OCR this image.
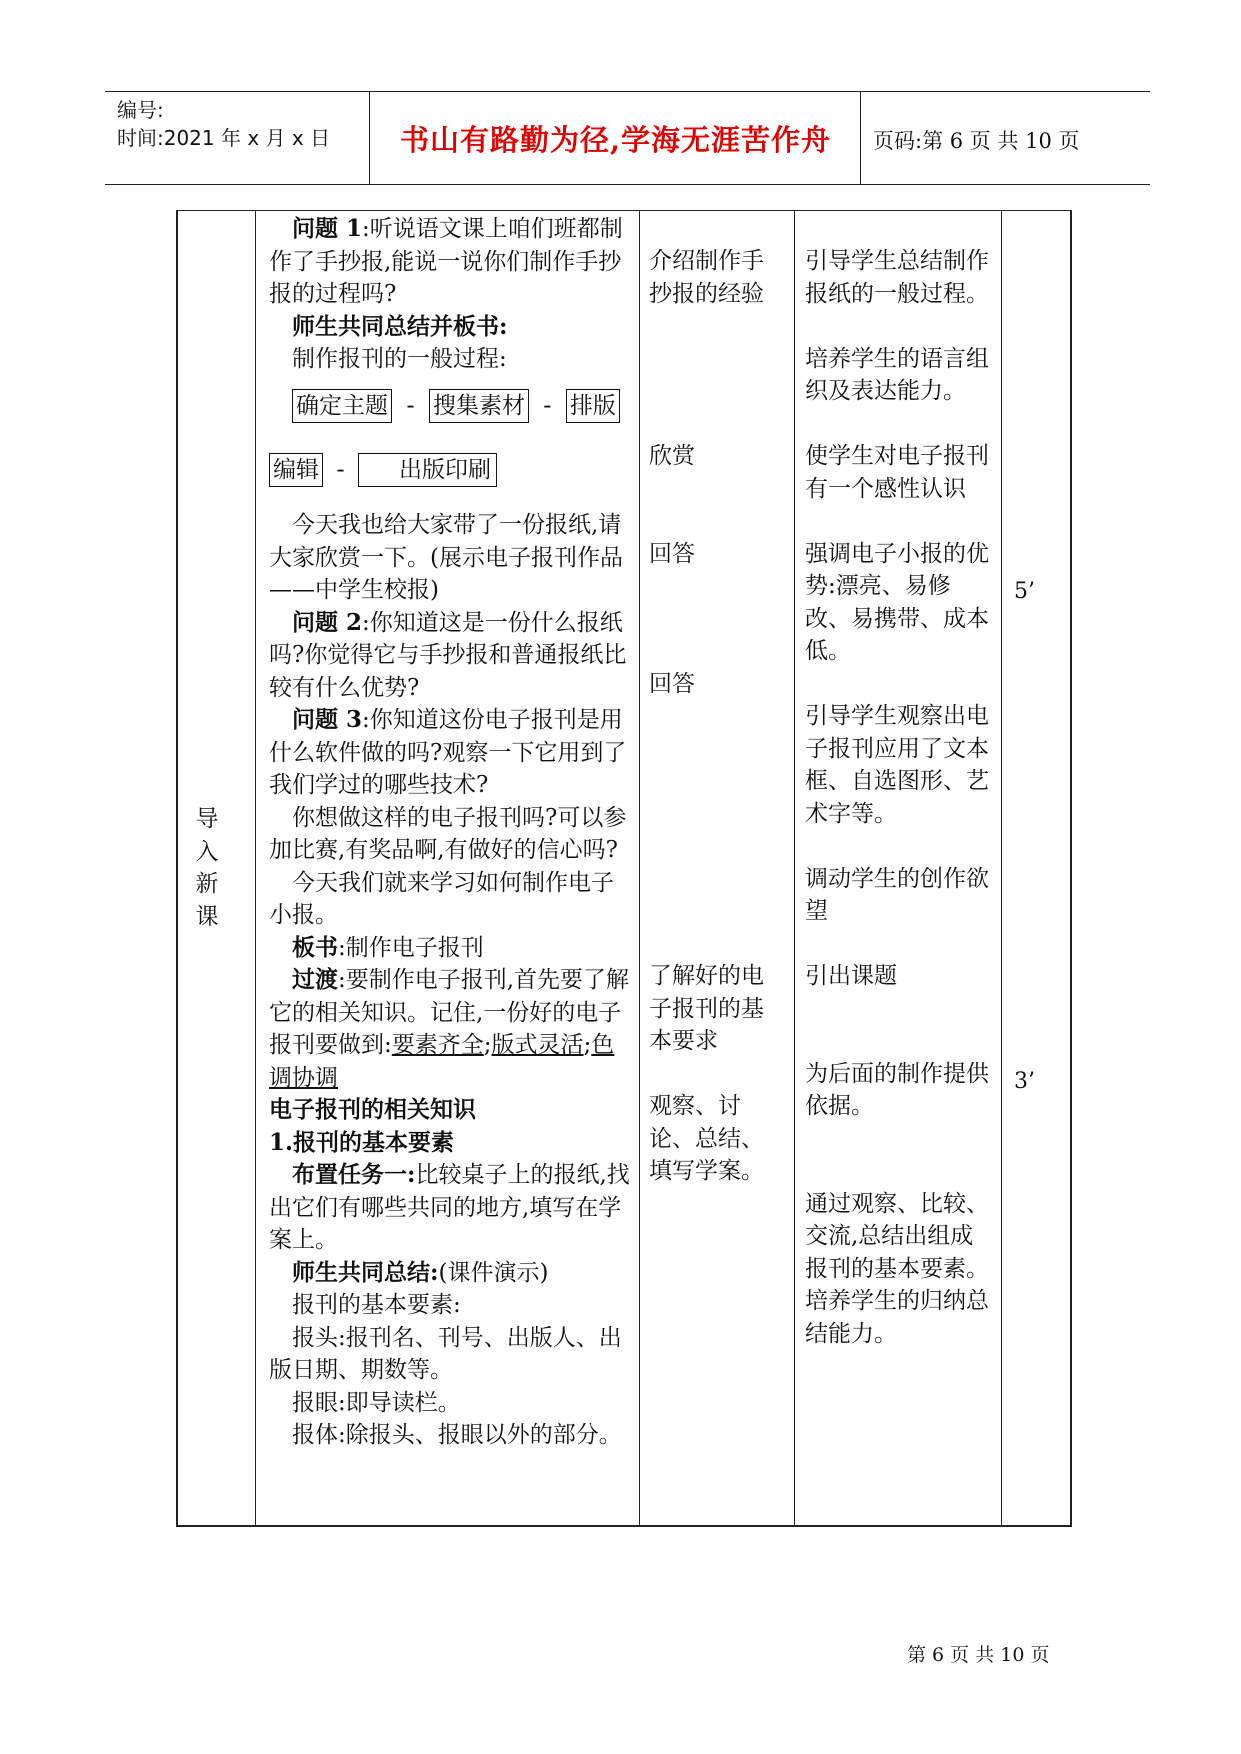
编号:
时间:2021 年 x 月 x 日	书山有路勤为径,学海无涯苦作舟	页码:第 6 页 共 10 页
导
入
新
课
问题 1:听说语文课上咱们班都制作了手抄报,能说一说你们制作手抄报的过程吗?
师生共同总结并板书:
制作报刊的一般过程:
确定主题 - 搜集素材 - 排版
编辑 - 出版印刷
今天我也给大家带了一份报纸,请大家欣赏一下。(展示电子报刊作品——中学生校报)
问题 2:你知道这是一份什么报纸吗?你觉得它与手抄报和普通报纸比较有什么优势?
问题 3:你知道这份电子报刊是用什么软件做的吗?观察一下它用到了我们学过的哪些技术?
你想做这样的电子报刊吗?可以参加比赛,有奖品啊,有做好的信心吗?
今天我们就来学习如何制作电子小报。
板书:制作电子报刊
过渡:要制作电子报刊,首先要了解它的相关知识。记住,一份好的电子报刊要做到:要素齐全;版式灵活;色调协调
电子报刊的相关知识
1.报刊的基本要素
布置任务一:比较桌子上的报纸,找出它们有哪些共同的地方,填写在学案上。
师生共同总结:(课件演示)
报刊的基本要素:
报头:报刊名、刊号、出版人、出版日期、期数等。
报眼:即导读栏。
报体:除报头、报眼以外的部分。
介绍制作手抄报的经验
欣赏
回答
回答
了解好的电子报刊的基本要求
观察、讨论、总结、填写学案。
引导学生总结制作报纸的一般过程。
培养学生的语言组织及表达能力。
使学生对电子报刊有一个感性认识
强调电子小报的优势:漂亮、易修改、易携带、成本低。
引导学生观察出电子报刊应用了文本框、自选图形、艺术字等。
调动学生的创作欲望
引出课题
为后面的制作提供依据。
通过观察、比较、交流,总结出组成报刊的基本要素。培养学生的归纳总结能力。
5’
3’
第 6 页 共 10 页
